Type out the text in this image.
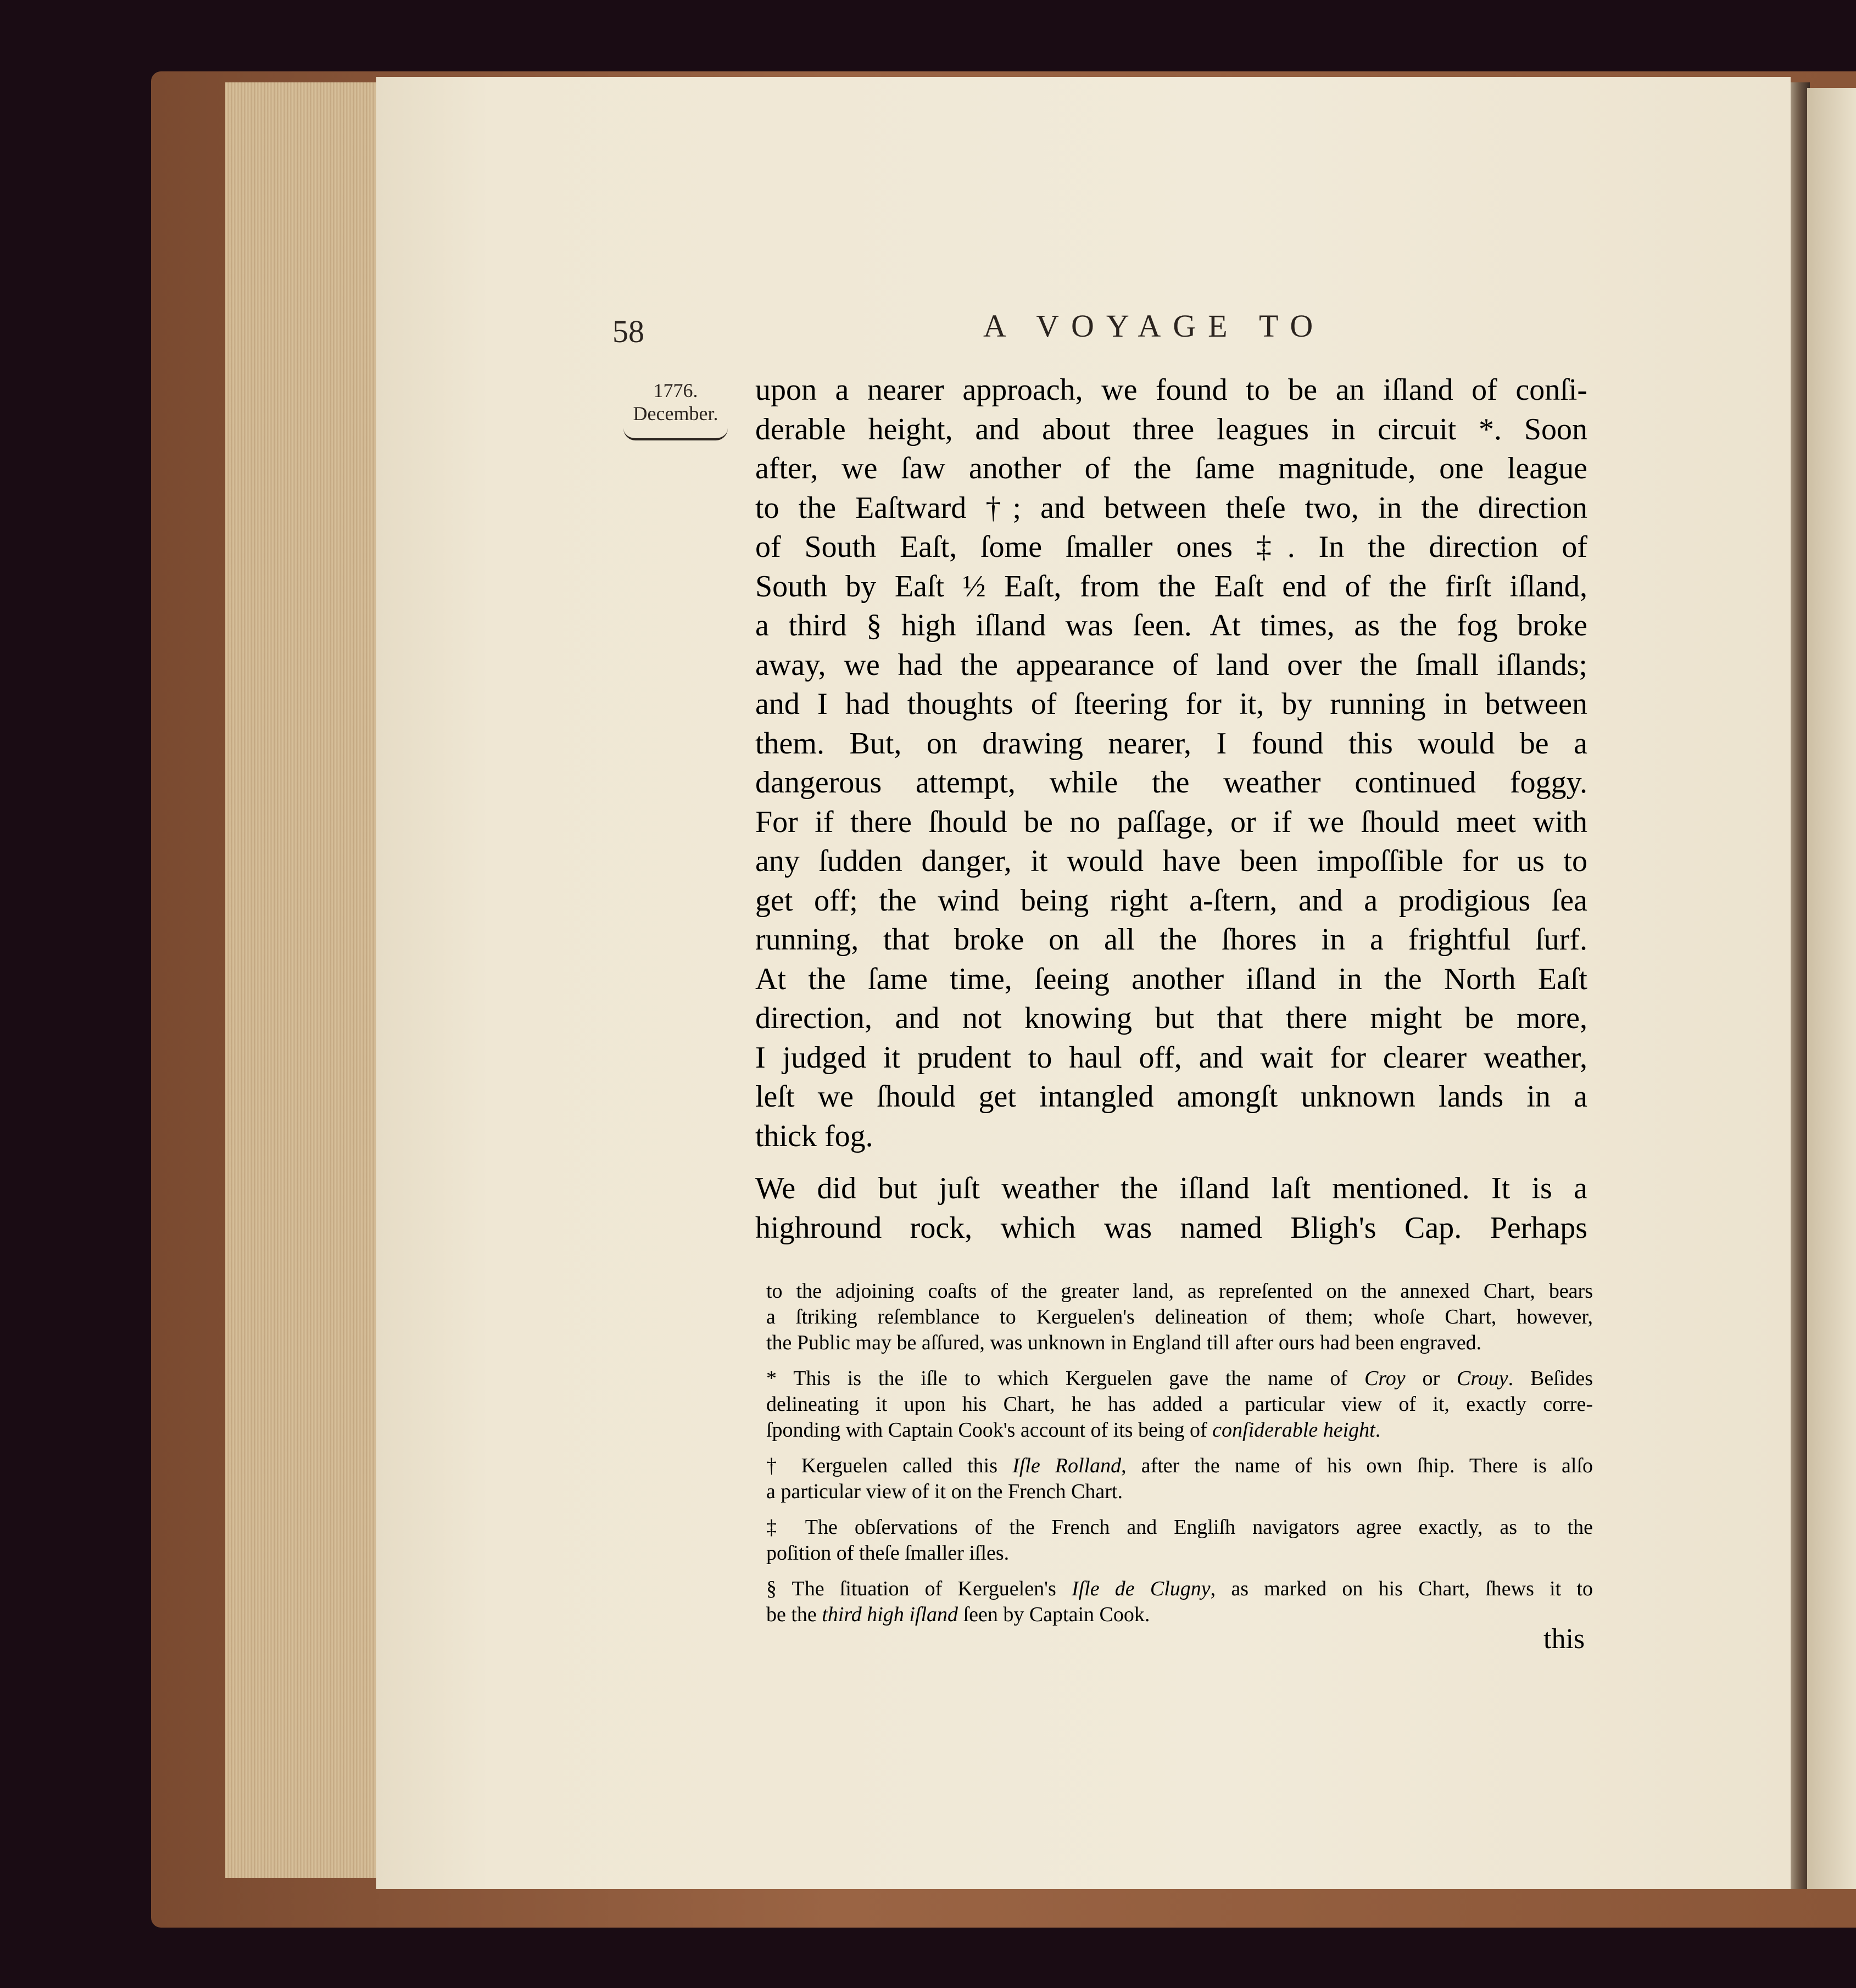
58	A VOYAGE TO
1776.
December.
upon a nearer approach, we found to be an iſland of conſi-
derable height, and about three leagues in circuit *. Soon
after, we ſaw another of the ſame magnitude, one league
to the Eaſtward †; and between theſe two, in the direction
of South Eaſt, ſome ſmaller ones ‡. In the direction of
South by Eaſt ½ Eaſt, from the Eaſt end of the firſt iſland,
a third § high iſland was ſeen. At times, as the fog broke
away, we had the appearance of land over the ſmall iſlands;
and I had thoughts of ſteering for it, by running in between
them. But, on drawing nearer, I found this would be a
dangerous attempt, while the weather continued foggy.
For if there ſhould be no paſſage, or if we ſhould meet with
any ſudden danger, it would have been impoſſible for us to
get off; the wind being right a-ſtern, and a prodigious ſea
running, that broke on all the ſhores in a frightful ſurf.
At the ſame time, ſeeing another iſland in the North Eaſt
direction, and not knowing but that there might be more,
I judged it prudent to haul off, and wait for clearer weather,
leſt we ſhould get intangled amongſt unknown lands in a
thick fog.
We did but juſt weather the iſland laſt mentioned. It is a
highround rock, which was named Bligh's Cap. Perhaps
to the adjoining coaſts of the greater land, as repreſented on the annexed Chart, bears
a ſtriking reſemblance to Kerguelen's delineation of them; whoſe Chart, however,
the Public may be aſſured, was unknown in England till after ours had been engraved.
* This is the iſle to which Kerguelen gave the name of Croy or Crouy. Beſides
delineating it upon his Chart, he has added a particular view of it, exactly corre-
ſponding with Captain Cook's account of its being of conſiderable height.
† Kerguelen called this Iſle Rolland, after the name of his own ſhip. There is alſo
a particular view of it on the French Chart.
‡ The obſervations of the French and Engliſh navigators agree exactly, as to the
poſition of theſe ſmaller iſles.
§ The ſituation of Kerguelen's Iſle de Clugny, as marked on his Chart, ſhews it to
be the third high iſland ſeen by Captain Cook.
this
